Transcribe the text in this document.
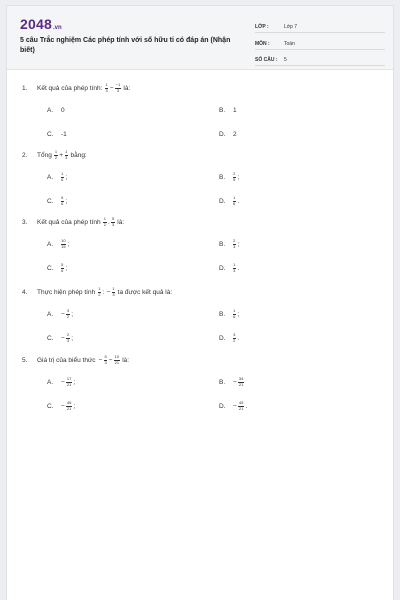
2048.vn
5 câu Trắc nghiệm Các phép tính với số hữu tỉ có đáp án (Nhận biết)
LỚP :	Lớp 7
MÔN :	Toán
SỐ CÂU :	5
1.	Kết quả của phép tính: $\frac{1}{3} - \frac{-1}{3}$ là:
A.	0	B.	1
C.	-1	D.	2
2.	Tổng $\frac{1}{2} + \frac{1}{3}$ bằng:
A.	$\frac{1}{6}$ ;	B.	$\frac{2}{5}$ ;
C.	$\frac{5}{6}$ ;	D.	$\frac{1}{6}$ .
3.	Kết quả của phép tính $\frac{1}{2}$ . $\frac{5}{3}$ là:
A.	$\frac{10}{15}$ ;	B.	$\frac{2}{3}$ ;
C.	$\frac{5}{6}$ ;	D.	$\frac{1}{3}$ .
4.	Thực hiện phép tính $\frac{1}{2}$ : − $\frac{1}{3}$ ta được kết quả là:
A.	− $\frac{3}{2}$ ;	B.	$\frac{1}{6}$ ;
C.	− $\frac{2}{3}$ ;	D.	$\frac{3}{2}$ .
5.	Giá trị của biểu thức − $\frac{5}{3} - \frac{10}{21}$ là:
A.	− $\frac{17}{21}$ ;	B.	− $\frac{34}{21}$
C.	− $\frac{45}{21}$ ;	D.	− $\frac{45}{21}$ .
